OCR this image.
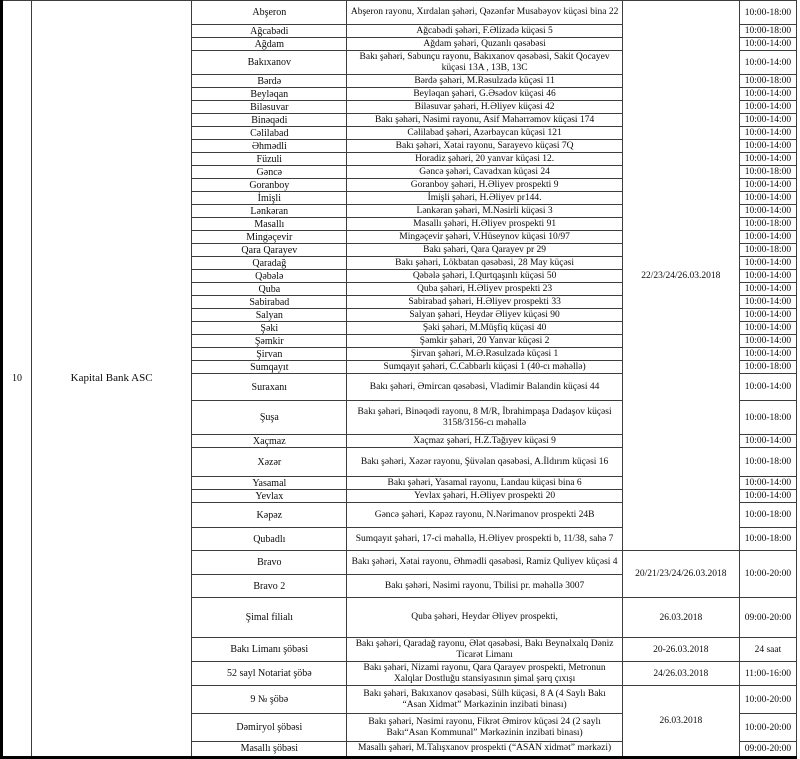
10	Kapital Bank ASC	Abşeron	Abşeron rayonu, Xırdalan şəhəri, Qəzənfər Musabəyov küçəsi bina 22	22/23/24/26.03.2018	10:00-18:00
		Ağcabədi	Ağcabədi şəhəri, F.Əlizadə küçəsi 5		10:00-18:00
		Ağdam	Ağdam şəhəri, Quzanlı qəsəbəsi		10:00-14:00
		Bakıxanov	Bakı şəhəri, Sabunçu rayonu, Bakıxanov qəsəbəsi, Sakit Qocayev küçəsi 13A , 13B, 13C		10:00-14:00
		Bərdə	Bərdə şəhəri, M.Rəsulzadə küçəsi 11		10:00-18:00
		Beyləqan	Beyləqan şəhəri, G.Əsədov küçəsi 46		10:00-14:00
		Biləsuvar	Biləsuvar şəhəri, H.Əliyev küçəsi 42		10:00-14:00
		Binəqədi	Bakı şəhəri, Nəsimi rayonu, Asif Məhərrəmov küçəsi 174		10:00-14:00
		Cəlilabad	Cəlilabad şəhəri, Azərbaycan küçəsi 121		10:00-14:00
		Əhmədli	Bakı şəhəri, Xətai rayonu, Sarayevo küçəsi 7Q		10:00-14:00
		Füzuli	Horadiz şəhəri, 20 yanvar küçəsi 12.		10:00-14:00
		Gəncə	Gəncə şəhəri, Cavadxan küçəsi 24		10:00-18:00
		Goranboy	Goranboy şəhəri, H.Əliyev prospekti 9		10:00-14:00
		İmişli	İmişli şəhəri, H.Əliyev pr144.		10:00-14:00
		Lənkəran	Lənkəran şəhəri, M.Nəsirli küçəsi 3		10:00-14:00
		Masallı	Masallı şəhəri, H.Əliyev prospekti 91		10:00-18:00
		Mingəçevir	Mingəçevir şəhəri, V.Hüseynov küçəsi 10/97		10:00-14:00
		Qara Qarayev	Bakı şəhəri, Qara Qarayev pr 29		10:00-18:00
		Qaradağ	Bakı şəhəri, Lökbatan qəsəbəsi, 28 May küçəsi		10:00-14:00
		Qəbələ	Qəbələ şəhəri, I.Qurtqaşınlı küçəsi 50		10:00-14:00
		Quba	Quba şəhəri, H.Əliyev prospekti 23		10:00-14:00
		Sabirabad	Sabirabad şəhəri, H.Əliyev prospekti 33		10:00-14:00
		Salyan	Salyan şəhəri, Heydər Əliyev küçəsi 90		10:00-14:00
		Şəki	Şəki şəhəri, M.Müşfiq küçəsi 40		10:00-14:00
		Şəmkir	Şəmkir şəhəri, 20 Yanvar küçəsi 2		10:00-14:00
		Şirvan	Şirvan şəhəri, M.Ə.Rəsulzadə küçəsi 1		10:00-14:00
		Sumqayıt	Sumqayıt şəhəri, C.Cabbarlı küçəsi 1 (40-cı məhəllə)		10:00-18:00
		Suraxanı	Bakı şəhəri, Əmircan qəsəbəsi, Vladimir Balandin küçəsi 44		10:00-14:00
		Şuşa	Bakı şəhəri, Binəqədi rayonu, 8 M/R, İbrahimpaşa Dadaşov küçəsi 3158/3156-cı məhəllə		10:00-18:00
		Xaçmaz	Xaçmaz şəhəri, H.Z.Tağıyev küçəsi 9		10:00-14:00
		Xəzər	Bakı şəhəri, Xəzər rayonu, Şüvəlan qəsəbəsi, A.İldırım küçəsi 16		10:00-18:00
		Yasamal	Bakı şəhəri, Yasamal rayonu, Landau küçəsi bina 6		10:00-14:00
		Yevlax	Yevlax şəhəri, H.Əliyev prospekti 20		10:00-14:00
		Kəpəz	Gəncə şəhəri, Kəpəz rayonu, N.Nərimanov prospekti 24B		10:00-18:00
		Qubadlı	Sumqayıt şəhəri, 17-ci məhəllə, H.Əliyev prospekti b, 11/38, sahə 7		10:00-18:00
		Bravo	Bakı şəhəri, Xətai rayonu, Əhmədli qəsəbəsi, Ramiz Quliyev küçəsi 4	20/21/23/24/26.03.2018	10:00-20:00
		Bravo 2	Bakı şəhəri, Nəsimi rayonu, Tbilisi pr. məhəllə 3007		
		Şimal filialı	Quba şəhəri, Heydər Əliyev prospekti,	26.03.2018	09:00-20:00
		Bakı Limanı şöbəsi	Bakı şəhəri, Qaradağ rayonu, Ələt qəsəbəsi, Bakı Beynəlxalq Dəniz Ticarət Limanı	20-26.03.2018	24 saat
		52 sayl Notariat şöbə	Bakı şəhəri, Nizami rayonu, Qara Qarayev prospekti, Metronun Xalqlar Dostluğu stansiyasının şimal şərq çıxışı	24/26.03.2018	11:00-16:00
		9 № şöbə	Bakı şəhəri, Bakıxanov qəsəbəsi, Sülh küçəsi, 8 A (4 Saylı Bakı “Asan Xidmət” Mərkəzinin inzibati binası)	26.03.2018	10:00-20:00
		Dəmiryol şöbəsi	Bakı şəhəri, Nəsimi rayonu, Fikrət Əmirov küçəsi 24 (2 saylı Bakı“Asan Kommunal” Mərkəzinin inzibati binası)		10:00-20:00
		Masallı şöbəsi	Masallı şəhəri, M.Talışxanov prospekti (“ASAN xidmət” mərkəzi)		09:00-20:00
